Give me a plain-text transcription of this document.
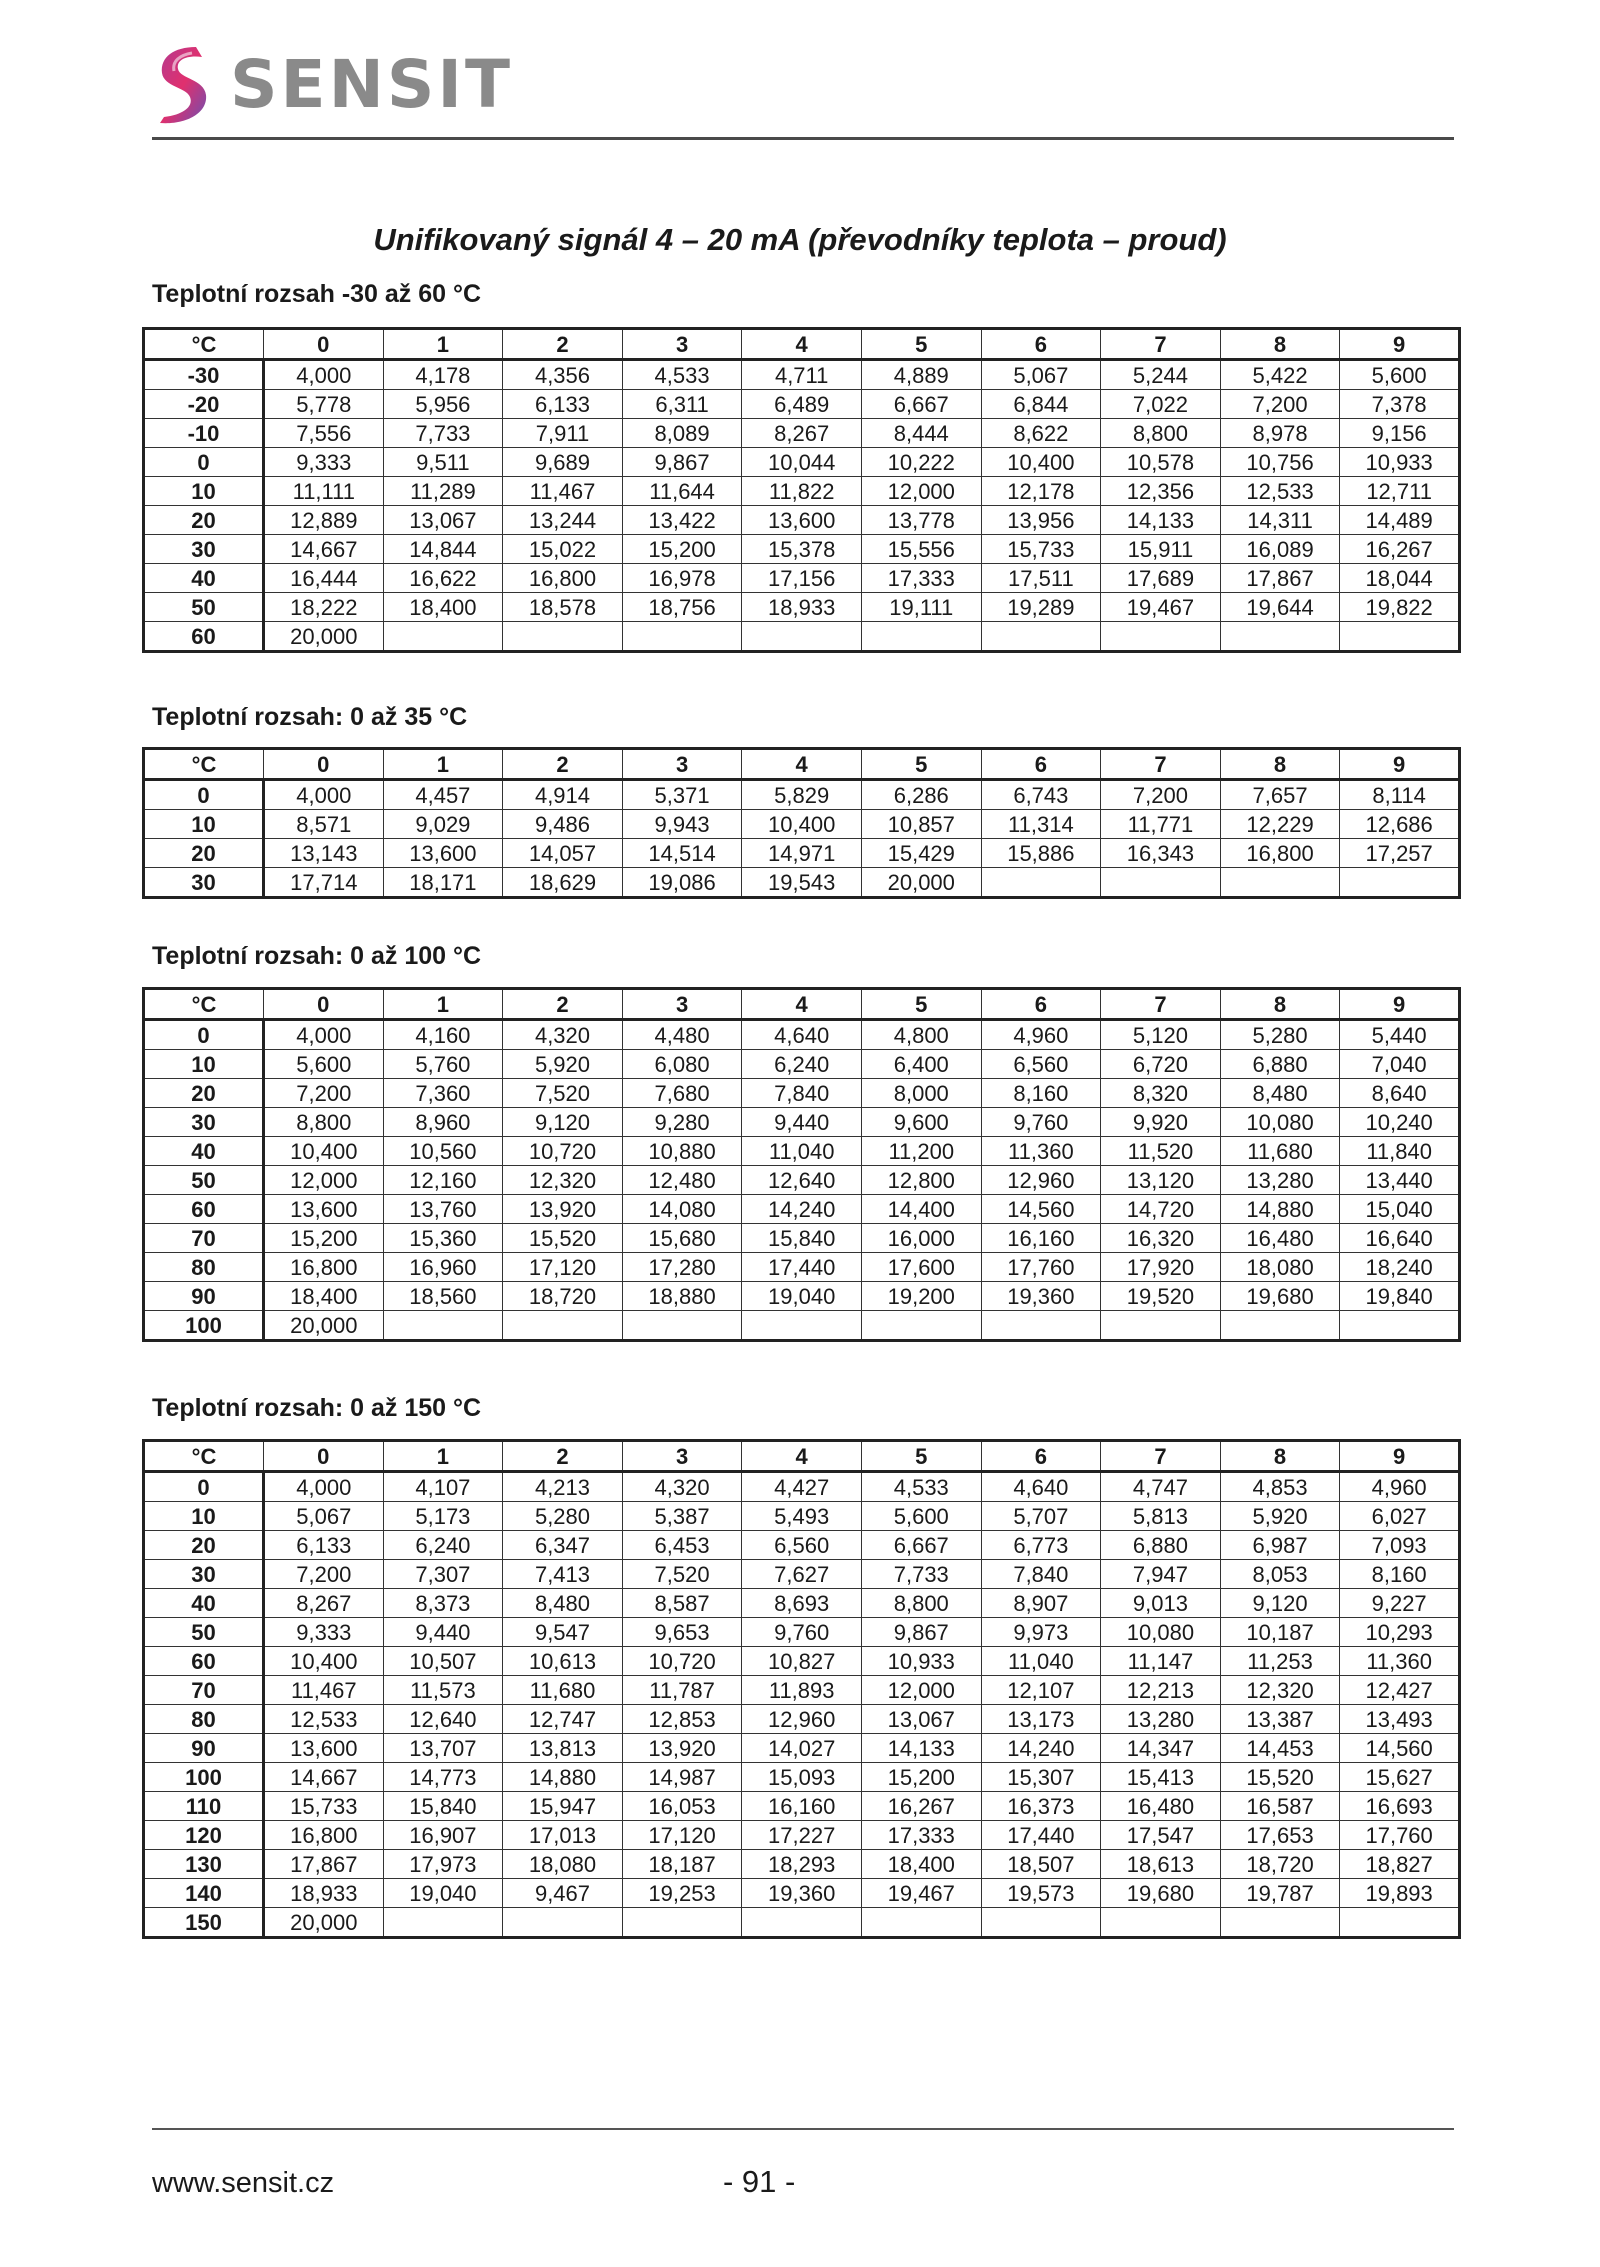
SENSIT
Unifikovaný signál 4 – 20 mA (převodníky teplota – proud)
Teplotní rozsah -30 až 60 °C
°C	0	1	2	3	4	5	6	7	8	9
-30	4,000	4,178	4,356	4,533	4,711	4,889	5,067	5,244	5,422	5,600
-20	5,778	5,956	6,133	6,311	6,489	6,667	6,844	7,022	7,200	7,378
-10	7,556	7,733	7,911	8,089	8,267	8,444	8,622	8,800	8,978	9,156
0	9,333	9,511	9,689	9,867	10,044	10,222	10,400	10,578	10,756	10,933
10	11,111	11,289	11,467	11,644	11,822	12,000	12,178	12,356	12,533	12,711
20	12,889	13,067	13,244	13,422	13,600	13,778	13,956	14,133	14,311	14,489
30	14,667	14,844	15,022	15,200	15,378	15,556	15,733	15,911	16,089	16,267
40	16,444	16,622	16,800	16,978	17,156	17,333	17,511	17,689	17,867	18,044
50	18,222	18,400	18,578	18,756	18,933	19,111	19,289	19,467	19,644	19,822
60	20,000									
Teplotní rozsah: 0 až 35 °C
°C	0	1	2	3	4	5	6	7	8	9
0	4,000	4,457	4,914	5,371	5,829	6,286	6,743	7,200	7,657	8,114
10	8,571	9,029	9,486	9,943	10,400	10,857	11,314	11,771	12,229	12,686
20	13,143	13,600	14,057	14,514	14,971	15,429	15,886	16,343	16,800	17,257
30	17,714	18,171	18,629	19,086	19,543	20,000				
Teplotní rozsah: 0 až 100 °C
°C	0	1	2	3	4	5	6	7	8	9
0	4,000	4,160	4,320	4,480	4,640	4,800	4,960	5,120	5,280	5,440
10	5,600	5,760	5,920	6,080	6,240	6,400	6,560	6,720	6,880	7,040
20	7,200	7,360	7,520	7,680	7,840	8,000	8,160	8,320	8,480	8,640
30	8,800	8,960	9,120	9,280	9,440	9,600	9,760	9,920	10,080	10,240
40	10,400	10,560	10,720	10,880	11,040	11,200	11,360	11,520	11,680	11,840
50	12,000	12,160	12,320	12,480	12,640	12,800	12,960	13,120	13,280	13,440
60	13,600	13,760	13,920	14,080	14,240	14,400	14,560	14,720	14,880	15,040
70	15,200	15,360	15,520	15,680	15,840	16,000	16,160	16,320	16,480	16,640
80	16,800	16,960	17,120	17,280	17,440	17,600	17,760	17,920	18,080	18,240
90	18,400	18,560	18,720	18,880	19,040	19,200	19,360	19,520	19,680	19,840
100	20,000									
Teplotní rozsah: 0 až 150 °C
°C	0	1	2	3	4	5	6	7	8	9
0	4,000	4,107	4,213	4,320	4,427	4,533	4,640	4,747	4,853	4,960
10	5,067	5,173	5,280	5,387	5,493	5,600	5,707	5,813	5,920	6,027
20	6,133	6,240	6,347	6,453	6,560	6,667	6,773	6,880	6,987	7,093
30	7,200	7,307	7,413	7,520	7,627	7,733	7,840	7,947	8,053	8,160
40	8,267	8,373	8,480	8,587	8,693	8,800	8,907	9,013	9,120	9,227
50	9,333	9,440	9,547	9,653	9,760	9,867	9,973	10,080	10,187	10,293
60	10,400	10,507	10,613	10,720	10,827	10,933	11,040	11,147	11,253	11,360
70	11,467	11,573	11,680	11,787	11,893	12,000	12,107	12,213	12,320	12,427
80	12,533	12,640	12,747	12,853	12,960	13,067	13,173	13,280	13,387	13,493
90	13,600	13,707	13,813	13,920	14,027	14,133	14,240	14,347	14,453	14,560
100	14,667	14,773	14,880	14,987	15,093	15,200	15,307	15,413	15,520	15,627
110	15,733	15,840	15,947	16,053	16,160	16,267	16,373	16,480	16,587	16,693
120	16,800	16,907	17,013	17,120	17,227	17,333	17,440	17,547	17,653	17,760
130	17,867	17,973	18,080	18,187	18,293	18,400	18,507	18,613	18,720	18,827
140	18,933	19,040	9,467	19,253	19,360	19,467	19,573	19,680	19,787	19,893
150	20,000									
www.sensit.cz	- 91 -
